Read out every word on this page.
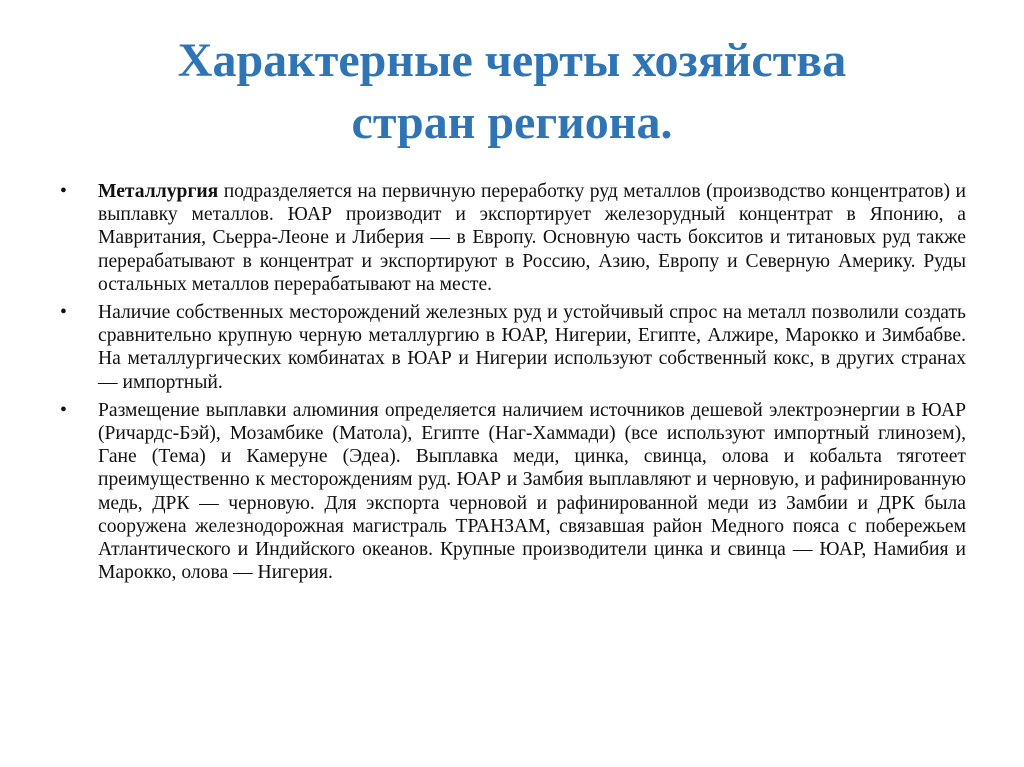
Характерные черты хозяйства
стран региона.
•	Металлургия подразделяется на первичную переработку руд металлов (производство концентратов) и выплавку металлов. ЮАР производит и экспортирует железорудный концентрат в Японию, а Мавритания, Сьерра-Леоне и Либерия — в Европу. Основную часть бокситов и титановых руд также перерабатывают в концентрат и экспортируют в Россию, Азию, Европу и Северную Америку. Руды остальных металлов перерабатывают на месте.
•	Наличие собственных месторождений железных руд и устойчивый спрос на металл позволили создать сравнительно крупную черную металлургию в ЮАР, Нигерии, Египте, Алжире, Марокко и Зимбабве. На металлургических комбинатах в ЮАР и Нигерии используют собственный кокс, в других странах — импортный.
•	Размещение выплавки алюминия определяется наличием источников дешевой электроэнергии в ЮАР (Ричардс-Бэй), Мозамбике (Матола), Египте (Наг-Хаммади) (все используют импортный глинозем), Гане (Тема) и Камеруне (Эдеа). Выплавка меди, цинка, свинца, олова и кобальта тяготеет преимущественно к месторождениям руд. ЮАР и Замбия выплавляют и черновую, и рафинированную медь, ДРК — черновую. Для экспорта черновой и рафинированной меди из Замбии и ДРК была сооружена железнодорожная магистраль ТРАНЗАМ, связавшая район Медного пояса с побережьем Атлантического и Индийского океанов. Крупные производители цинка и свинца — ЮАР, Намибия и Марокко, олова — Нигерия.
